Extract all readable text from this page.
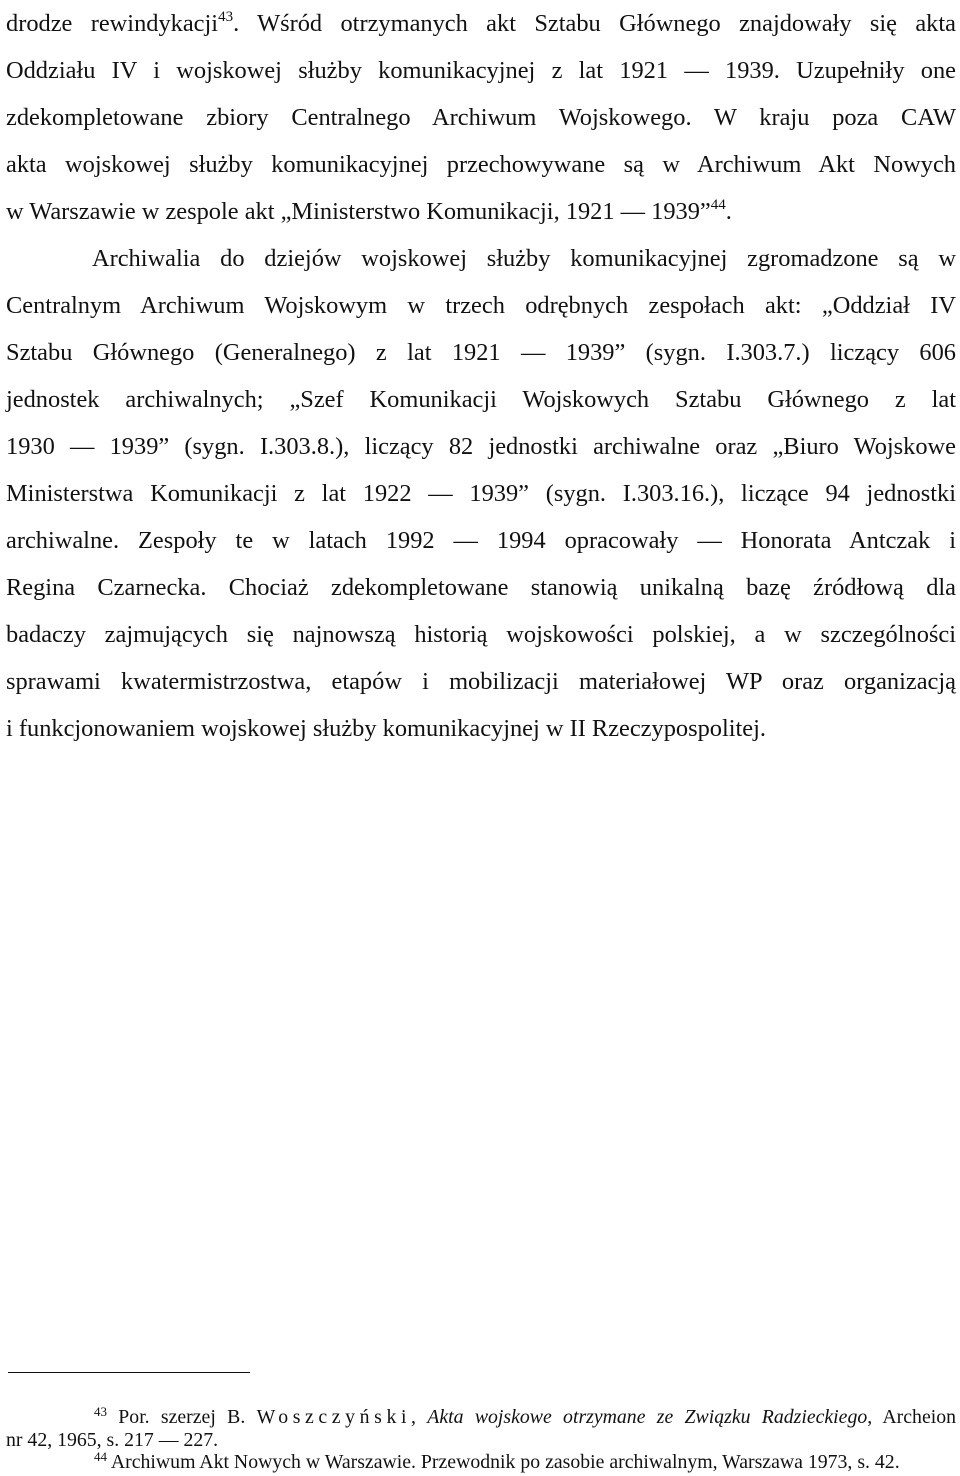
drodze rewindykacji$^{43}$. Wśród otrzymanych akt Sztabu Głównego znajdowały się akta
Oddziału IV i wojskowej służby komunikacyjnej z lat 1921 — 1939. Uzupełniły one
zdekompletowane zbiory Centralnego Archiwum Wojskowego. W kraju poza CAW
akta wojskowej służby komunikacyjnej przechowywane są w Archiwum Akt Nowych
w Warszawie w zespole akt „Ministerstwo Komunikacji, 1921 — 1939”$^{44}$.
Archiwalia do dziejów wojskowej służby komunikacyjnej zgromadzone są w
Centralnym Archiwum Wojskowym w trzech odrębnych zespołach akt: „Oddział IV
Sztabu Głównego (Generalnego) z lat 1921 — 1939” (sygn. I.303.7.) liczący 606
jednostek archiwalnych; „Szef Komunikacji Wojskowych Sztabu Głównego z lat
1930 — 1939” (sygn. I.303.8.), liczący 82 jednostki archiwalne oraz „Biuro Wojskowe
Ministerstwa Komunikacji z lat 1922 — 1939” (sygn. I.303.16.), liczące 94 jednostki
archiwalne. Zespoły te w latach 1992 — 1994 opracowały — Honorata Antczak i
Regina Czarnecka. Chociaż zdekompletowane stanowią unikalną bazę źródłową dla
badaczy zajmujących się najnowszą historią wojskowości polskiej, a w szczególności
sprawami kwatermistrzostwa, etapów i mobilizacji materiałowej WP oraz organizacją
i funkcjonowaniem wojskowej służby komunikacyjnej w II Rzeczypospolitej.
$^{43}$ Por. szerzej B. Woszczyński, Akta wojskowe otrzymane ze Związku Radzieckiego, Archeion
nr 42, 1965, s. 217 — 227.
$^{44}$ Archiwum Akt Nowych w Warszawie. Przewodnik po zasobie archiwalnym, Warszawa 1973, s. 42.
